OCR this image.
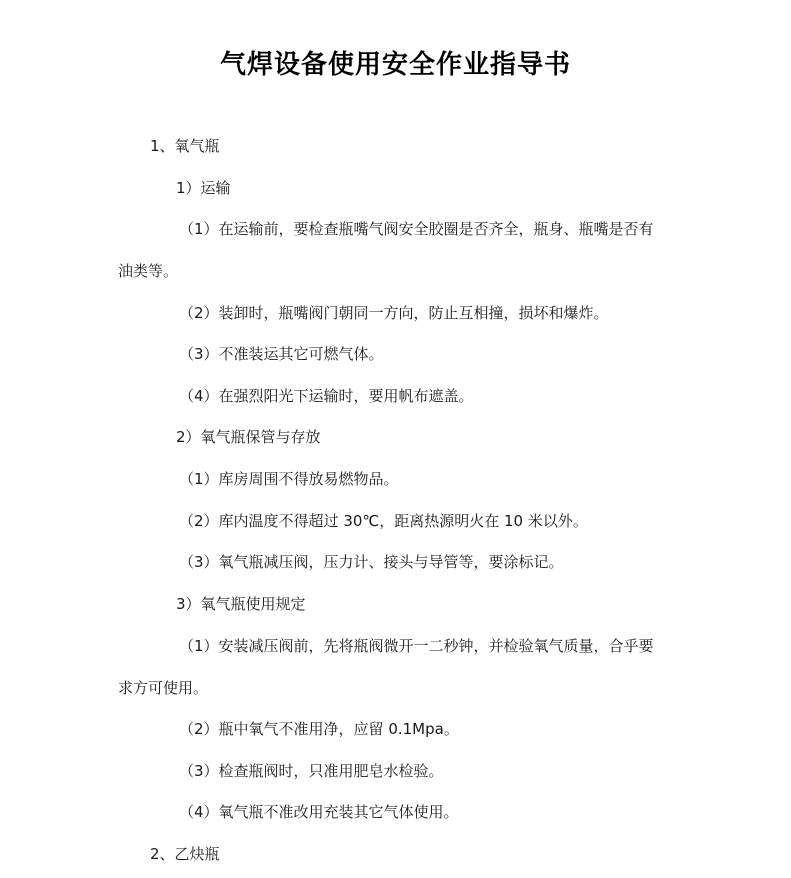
气焊设备使用安全作业指导书
1、氧气瓶
1）运输
（1）在运输前，要检查瓶嘴气阀安全胶圈是否齐全，瓶身、瓶嘴是否有
油类等。
（2）装卸时，瓶嘴阀门朝同一方向，防止互相撞，损坏和爆炸。
（3）不准装运其它可燃气体。
（4）在强烈阳光下运输时，要用帆布遮盖。
2）氧气瓶保管与存放
（1）库房周围不得放易燃物品。
（2）库内温度不得超过 30℃，距离热源明火在 10 米以外。
（3）氧气瓶减压阀，压力计、接头与导管等，要涂标记。
3）氧气瓶使用规定
（1）安装减压阀前，先将瓶阀微开一二秒钟，并检验氧气质量，合乎要
求方可使用。
（2）瓶中氧气不准用净，应留 0.1Mpa。
（3）检查瓶阀时，只准用肥皂水检验。
（4）氧气瓶不准改用充装其它气体使用。
2、乙炔瓶
